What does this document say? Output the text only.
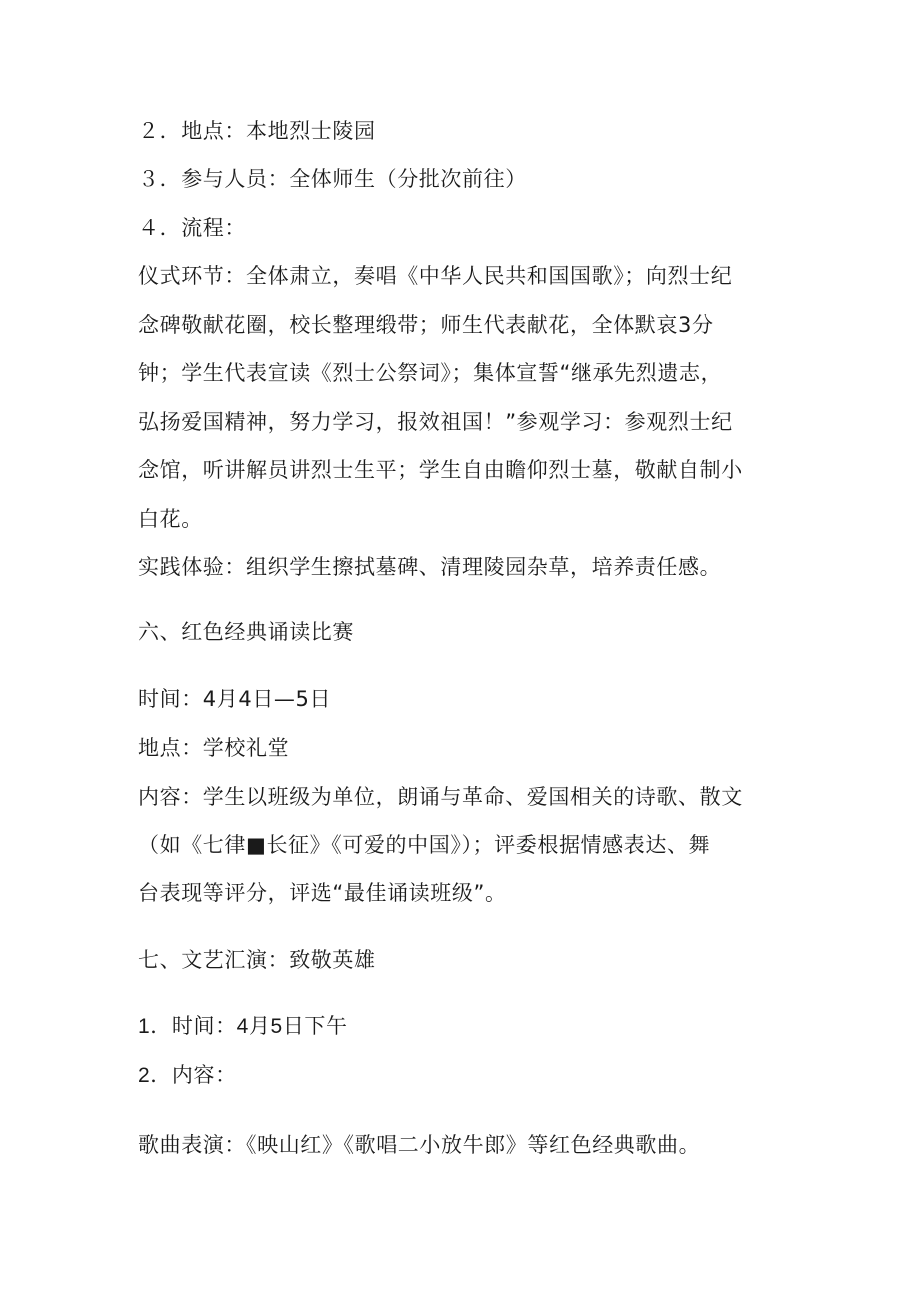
２．地点：本地烈士陵园
３．参与人员：全体师生（分批次前往）
４．流程：
仪式环节：全体肃立，奏唱《中华人民共和国国歌》；向烈士纪
念碑敬献花圈，校长整理缎带；师生代表献花，全体默哀3分
钟；学生代表宣读《烈士公祭词》；集体宣誓“继承先烈遗志，
弘扬爱国精神，努力学习，报效祖国！”参观学习：参观烈士纪
念馆，听讲解员讲烈士生平；学生自由瞻仰烈士墓，敬献自制小
白花。
实践体验：组织学生擦拭墓碑、清理陵园杂草，培养责任感。
六、红色经典诵读比赛
时间：4月4日—5日
地点：学校礼堂
内容：学生以班级为单位，朗诵与革命、爱国相关的诗歌、散文
（如《七律■长征》《可爱的中国》）；评委根据情感表达、舞
台表现等评分，评选“最佳诵读班级”。
七、文艺汇演：致敬英雄
1．时间：4月5日下午
2．内容：
歌曲表演：《映山红》《歌唱二小放牛郎》等红色经典歌曲。
